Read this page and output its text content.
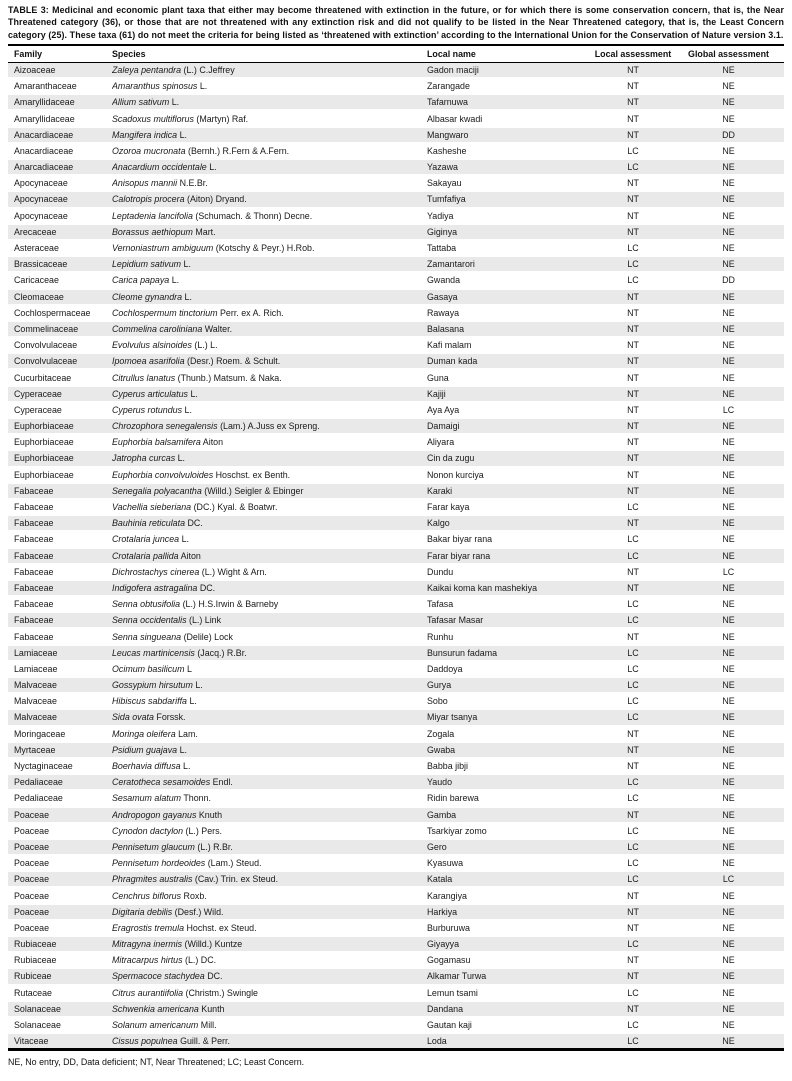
TABLE 3: Medicinal and economic plant taxa that either may become threatened with extinction in the future, or for which there is some conservation concern, that is, the Near Threatened category (36), or those that are not threatened with any extinction risk and did not qualify to be listed in the Near Threatened category, that is, the Least Concern category (25). These taxa (61) do not meet the criteria for being listed as ‘threatened with extinction’ according to the International Union for the Conservation of Nature version 3.1.
Family	Species	Local name	Local assessment	Global assessment
Aizoaceae	Zaleya pentandra (L.) C.Jeffrey	Gadon maciji	NT	NE
Amaranthaceae	Amaranthus spinosus L.	Zarangade	NT	NE
Amaryllidaceae	Allium sativum L.	Tafarnuwa	NT	NE
Amaryllidaceae	Scadoxus multiflorus (Martyn) Raf.	Albasar kwadi	NT	NE
Anacardiaceae	Mangifera indica L.	Mangwaro	NT	DD
Anacardiaceae	Ozoroa mucronata (Bernh.) R.Fern & A.Fern.	Kasheshe	LC	NE
Anarcadiaceae	Anacardium occidentale L.	Yazawa	LC	NE
Apocynaceae	Anisopus mannii N.E.Br.	Sakayau	NT	NE
Apocynaceae	Calotropis procera (Aiton) Dryand.	Tumfafiya	NT	NE
Apocynaceae	Leptadenia lancifolia (Schumach. & Thonn) Decne.	Yadiya	NT	NE
Arecaceae	Borassus aethiopum Mart.	Giginya	NT	NE
Asteraceae	Vernoniastrum ambiguum (Kotschy & Peyr.) H.Rob.	Tattaba	LC	NE
Brassicaceae	Lepidium sativum L.	Zamantarori	LC	NE
Caricaceae	Carica papaya L.	Gwanda	LC	DD
Cleomaceae	Cleome gynandra L.	Gasaya	NT	NE
Cochlospermaceae	Cochlospermum tinctorium Perr. ex A. Rich.	Rawaya	NT	NE
Commelinaceae	Commelina caroliniana Walter.	Balasana	NT	NE
Convolvulaceae	Evolvulus alsinoides (L.) L.	Kafi malam	NT	NE
Convolvulaceae	Ipomoea asarifolia (Desr.) Roem. & Schult.	Duman kada	NT	NE
Cucurbitaceae	Citrullus lanatus (Thunb.) Matsum. & Naka.	Guna	NT	NE
Cyperaceae	Cyperus articulatus L.	Kajiji	NT	NE
Cyperaceae	Cyperus rotundus L.	Aya Aya	NT	LC
Euphorbiaceae	Chrozophora senegalensis (Lam.) A.Juss ex Spreng.	Damaigi	NT	NE
Euphorbiaceae	Euphorbia balsamifera Aiton	Aliyara	NT	NE
Euphorbiaceae	Jatropha curcas L.	Cin da zugu	NT	NE
Euphorbiaceae	Euphorbia convolvuloides Hoschst. ex Benth.	Nonon kurciya	NT	NE
Fabaceae	Senegalia polyacantha (Willd.) Seigler & Ebinger	Karaki	NT	NE
Fabaceae	Vachellia sieberiana (DC.) Kyal. & Boatwr.	Farar kaya	LC	NE
Fabaceae	Bauhinia reticulata DC.	Kalgo	NT	NE
Fabaceae	Crotalaria juncea L.	Bakar biyar rana	LC	NE
Fabaceae	Crotalaria pallida Aiton	Farar biyar rana	LC	NE
Fabaceae	Dichrostachys cinerea (L.) Wight & Arn.	Dundu	NT	LC
Fabaceae	Indigofera astragalina DC.	Kaikai koma kan mashekiya	NT	NE
Fabaceae	Senna obtusifolia (L.) H.S.Irwin & Barneby	Tafasa	LC	NE
Fabaceae	Senna occidentalis (L.) Link	Tafasar Masar	LC	NE
Fabaceae	Senna singueana (Delile) Lock	Runhu	NT	NE
Lamiaceae	Leucas martinicensis (Jacq.) R.Br.	Bunsurun fadama	LC	NE
Lamiaceae	Ocimum basilicum L	Daddoya	LC	NE
Malvaceae	Gossypium hirsutum L.	Gurya	LC	NE
Malvaceae	Hibiscus sabdariffa L.	Sobo	LC	NE
Malvaceae	Sida ovata Forssk.	Miyar tsanya	LC	NE
Moringaceae	Moringa oleifera Lam.	Zogala	NT	NE
Myrtaceae	Psidium guajava L.	Gwaba	NT	NE
Nyctaginaceae	Boerhavia diffusa L.	Babba jibji	NT	NE
Pedaliaceae	Ceratotheca sesamoides Endl.	Yaudo	LC	NE
Pedaliaceae	Sesamum alatum Thonn.	Ridin barewa	LC	NE
Poaceae	Andropogon gayanus Knuth	Gamba	NT	NE
Poaceae	Cynodon dactylon (L.) Pers.	Tsarkiyar zomo	LC	NE
Poaceae	Pennisetum glaucum (L.) R.Br.	Gero	LC	NE
Poaceae	Pennisetum hordeoides (Lam.) Steud.	Kyasuwa	LC	NE
Poaceae	Phragmites australis (Cav.) Trin. ex Steud.	Katala	LC	LC
Poaceae	Cenchrus biflorus Roxb.	Karangiya	NT	NE
Poaceae	Digitaria debilis (Desf.) Wild.	Harkiya	NT	NE
Poaceae	Eragrostis tremula Hochst. ex Steud.	Burburuwa	NT	NE
Rubiaceae	Mitragyna inermis (Willd.) Kuntze	Giyayya	LC	NE
Rubiaceae	Mitracarpus hirtus (L.) DC.	Gogamasu	NT	NE
Rubiceae	Spermacoce stachydea DC.	Alkamar Turwa	NT	NE
Rutaceae	Citrus aurantiifolia (Christm.) Swingle	Lemun tsami	LC	NE
Solanaceae	Schwenkia americana Kunth	Dandana	NT	NE
Solanaceae	Solanum americanum Mill.	Gautan kaji	LC	NE
Vitaceae	Cissus populnea Guill. & Perr.	Loda	LC	NE
NE, No entry, DD, Data deficient; NT, Near Threatened; LC; Least Concern.
